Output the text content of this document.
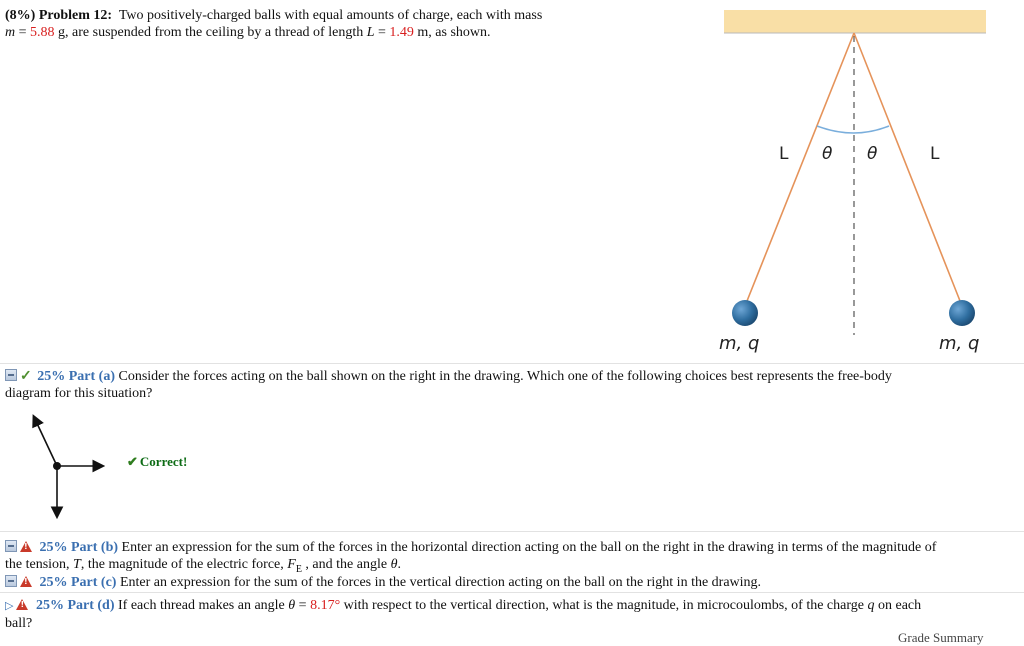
(8%) Problem 12: Two positively-charged balls with equal amounts of charge, each with mass
m = 5.88 g, are suspended from the ceiling by a thread of length L = 1.49 m, as shown.
L θ θ	L
m, q	m, q
✓ 25% Part (a) Consider the forces acting on the ball shown on the right in the drawing. Which one of the following choices best represents the free-body
diagram for this situation?
✔ Correct!
! 25% Part (b) Enter an expression for the sum of the forces in the horizontal direction acting on the ball on the right in the drawing in terms of the magnitude of
the tension, T, the magnitude of the electric force, $F_E$ , and the angle θ.
! 25% Part (c) Enter an expression for the sum of the forces in the vertical direction acting on the ball on the right in the drawing.
▷! 25% Part (d) If each thread makes an angle θ = 8.17° with respect to the vertical direction, what is the magnitude, in microcoulombs, of the charge q on each
ball?
Grade Summary
